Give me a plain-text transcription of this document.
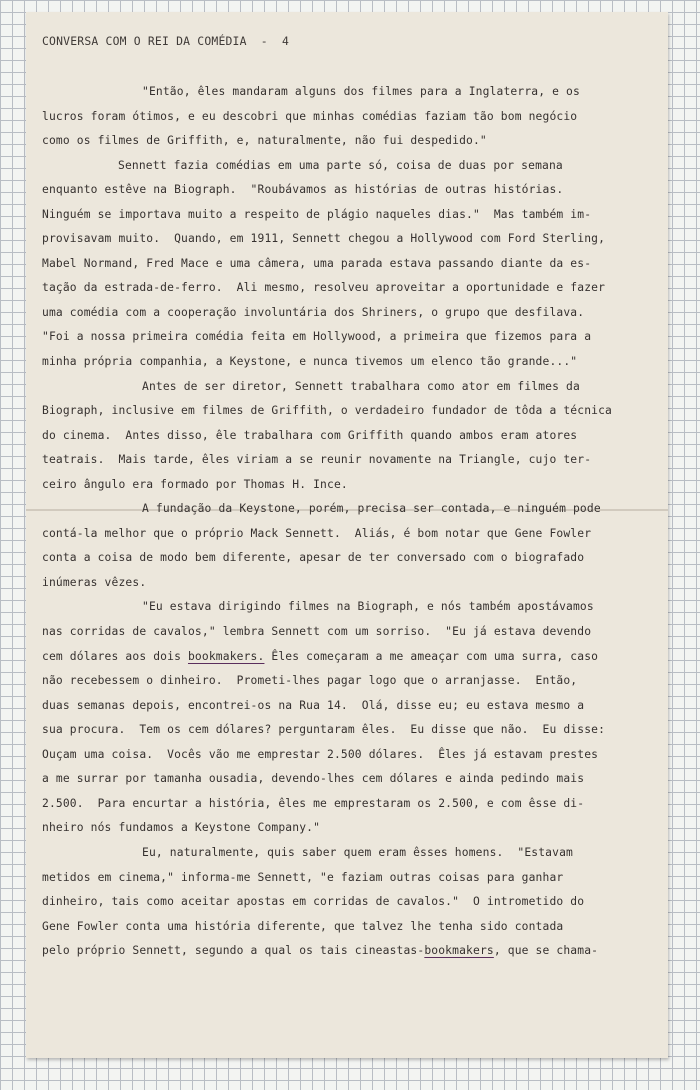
CONVERSA COM O REI DA COMÉDIA  -  4
"Então, êles mandaram alguns dos filmes para a Inglaterra, e os
lucros foram ótimos, e eu descobri que minhas comédias faziam tão bom negócio
como os filmes de Griffith, e, naturalmente, não fui despedido."
Sennett fazia comédias em uma parte só, coisa de duas por semana
enquanto estêve na Biograph.  "Roubávamos as histórias de outras histórias.
Ninguém se importava muito a respeito de plágio naqueles dias."  Mas também im-
provisavam muito.  Quando, em 1911, Sennett chegou a Hollywood com Ford Sterling,
Mabel Normand, Fred Mace e uma câmera, uma parada estava passando diante da es-
tação da estrada-de-ferro.  Ali mesmo, resolveu aproveitar a oportunidade e fazer
uma comédia com a cooperação involuntária dos Shriners, o grupo que desfilava.
"Foi a nossa primeira comédia feita em Hollywood, a primeira que fizemos para a
minha própria companhia, a Keystone, e nunca tivemos um elenco tão grande..."
Antes de ser diretor, Sennett trabalhara como ator em filmes da
Biograph, inclusive em filmes de Griffith, o verdadeiro fundador de tôda a técnica
do cinema.  Antes disso, êle trabalhara com Griffith quando ambos eram atores
teatrais.  Mais tarde, êles viriam a se reunir novamente na Triangle, cujo ter-
ceiro ângulo era formado por Thomas H. Ince.
A fundação da Keystone, porém, precisa ser contada, e ninguém pode
contá-la melhor que o próprio Mack Sennett.  Aliás, é bom notar que Gene Fowler
conta a coisa de modo bem diferente, apesar de ter conversado com o biografado
inúmeras vêzes.
"Eu estava dirigindo filmes na Biograph, e nós também apostávamos
nas corridas de cavalos," lembra Sennett com um sorriso.  "Eu já estava devendo
cem dólares aos dois bookmakers. Êles começaram a me ameaçar com uma surra, caso
não recebessem o dinheiro.  Prometi-lhes pagar logo que o arranjasse.  Então,
duas semanas depois, encontrei-os na Rua 14.  Olá, disse eu; eu estava mesmo a
sua procura.  Tem os cem dólares? perguntaram êles.  Eu disse que não.  Eu disse:
Ouçam uma coisa.  Vocês vão me emprestar 2.500 dólares.  Êles já estavam prestes
a me surrar por tamanha ousadia, devendo-lhes cem dólares e ainda pedindo mais
2.500.  Para encurtar a história, êles me emprestaram os 2.500, e com êsse di-
nheiro nós fundamos a Keystone Company."
Eu, naturalmente, quis saber quem eram êsses homens.  "Estavam
metidos em cinema," informa-me Sennett, "e faziam outras coisas para ganhar
dinheiro, tais como aceitar apostas em corridas de cavalos."  O intrometido do
Gene Fowler conta uma história diferente, que talvez lhe tenha sido contada
pelo próprio Sennett, segundo a qual os tais cineastas-bookmakers, que se chama-
